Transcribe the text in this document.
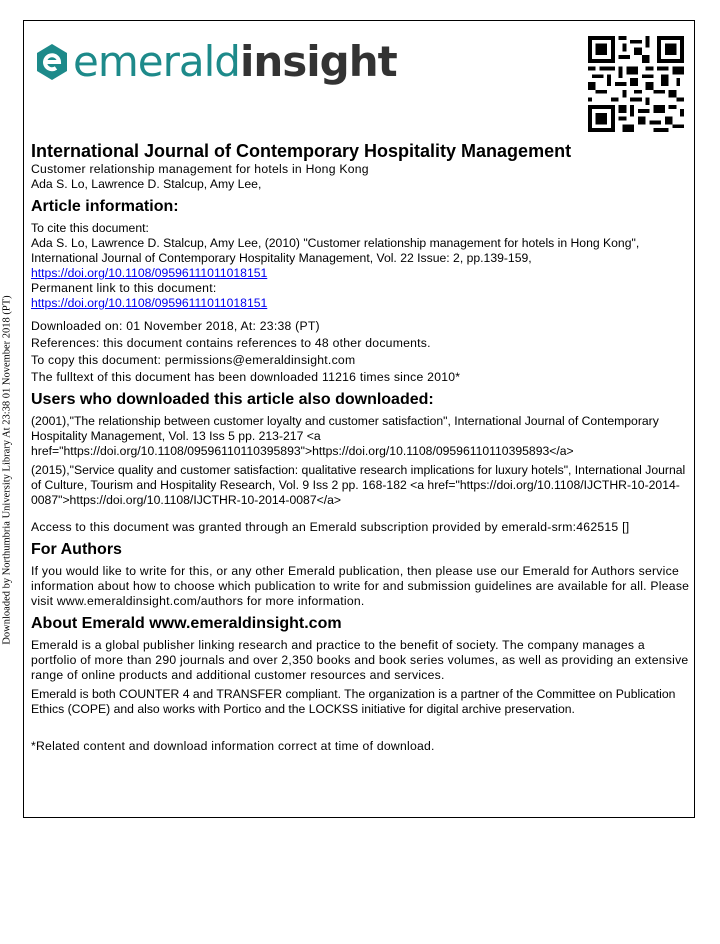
emeraldinsight
Downloaded by Northumbria University Library At 23:38 01 November 2018 (PT)
International Journal of Contemporary Hospitality Management

Customer relationship management for hotels in Hong Kong

Ada S. Lo, Lawrence D. Stalcup, Amy Lee,

Article information:

To cite this document:

Ada S. Lo, Lawrence D. Stalcup, Amy Lee, (2010) "Customer relationship management for hotels in Hong Kong", International Journal of Contemporary Hospitality Management, Vol. 22 Issue: 2, pp.139-159, https://doi.org/10.1108/09596111011018151

Permanent link to this document:

https://doi.org/10.1108/09596111011018151

Downloaded on: 01 November 2018, At: 23:38 (PT)

References: this document contains references to 48 other documents.

To copy this document: permissions@emeraldinsight.com

The fulltext of this document has been downloaded 11216 times since 2010*

Users who downloaded this article also downloaded:

(2001),"The relationship between customer loyalty and customer satisfaction", International Journal of Contemporary Hospitality Management, Vol. 13 Iss 5 pp. 213-217 <a href="https://doi.org/10.1108/09596110110395893">https://doi.org/10.1108/09596110110395893</a>

(2015),"Service quality and customer satisfaction: qualitative research implications for luxury hotels", International Journal of Culture, Tourism and Hospitality Research, Vol. 9 Iss 2 pp. 168-182 <a href="https://doi.org/10.1108/IJCTHR-10-2014-0087">https://doi.org/10.1108/IJCTHR-10-2014-0087</a>

Access to this document was granted through an Emerald subscription provided by emerald-srm:462515 []

For Authors

If you would like to write for this, or any other Emerald publication, then please use our Emerald for Authors service information about how to choose which publication to write for and submission guidelines are available for all. Please visit www.emeraldinsight.com/authors for more information.

About Emerald www.emeraldinsight.com

Emerald is a global publisher linking research and practice to the benefit of society. The company manages a portfolio of more than 290 journals and over 2,350 books and book series volumes, as well as providing an extensive range of online products and additional customer resources and services.

Emerald is both COUNTER 4 and TRANSFER compliant. The organization is a partner of the Committee on Publication Ethics (COPE) and also works with Portico and the LOCKSS initiative for digital archive preservation.

*Related content and download information correct at time of download.
